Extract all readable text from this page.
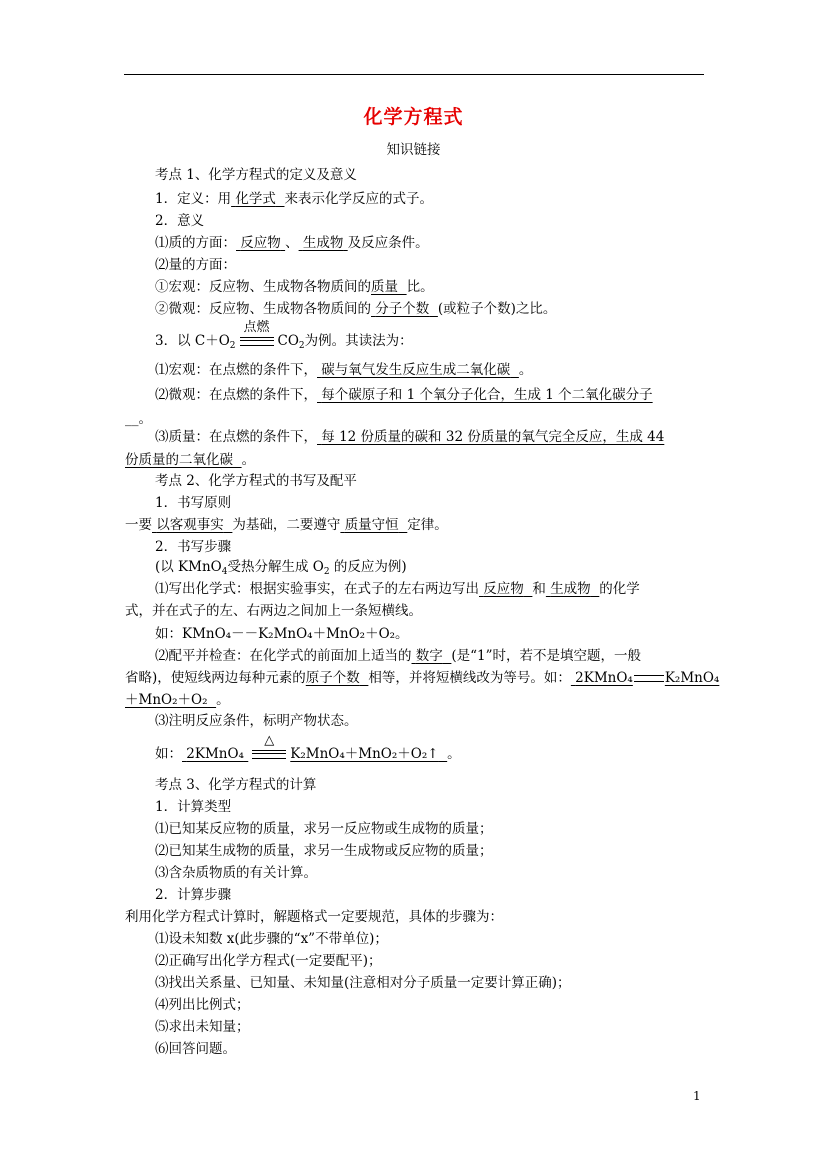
化学方程式
知识链接
考点 1、化学方程式的定义及意义
1．定义：用 化学式 来表示化学反应的式子。
2．意义
⑴质的方面： 反应物 、 生成物 及反应条件。
⑵量的方面：
①宏观：反应物、生成物各物质间的质量 比。
②微观：反应物、生成物各物质间的 分子个数 (或粒子个数)之比。
3．以 $C+O_2$
点燃
$CO_2$为例。其读法为：
⑴宏观：在点燃的条件下， 碳与氧气发生反应生成二氧化碳 。
⑵微观：在点燃的条件下， 每个碳原子和 1 个氧分子化合，生成 1 个二氧化碳分子
__。
⑶质量：在点燃的条件下， 每 12 份质量的碳和 32 份质量的氧气完全反应，生成 44
份质量的二氧化碳 。
考点 2、化学方程式的书写及配平
1．书写原则
一要 以客观事实 为基础，二要遵守 质量守恒 定律。
2．书写步骤
(以 KMnO$_4$受热分解生成 $O_2$ 的反应为例)
⑴写出化学式：根据实验事实，在式子的左右两边写出 反应物 和 生成物 的化学
式，并在式子的左、右两边之间加上一条短横线。
如：KMnO₄－－K₂MnO₄＋MnO₂＋O₂。
⑵配平并检查：在化学式的前面加上适当的 数字 (是“1”时，若不是填空题，一般
省略)，使短线两边每种元素的原子个数 相等，并将短横线改为等号。如： 2KMnO₄ K₂MnO₄
＋MnO₂＋O₂ 。
⑶注明反应条件，标明产物状态。
如： 2KMnO₄
△
K₂MnO₄＋MnO₂＋O₂↑ 。
考点 3、化学方程式的计算
1．计算类型
⑴已知某反应物的质量，求另一反应物或生成物的质量；
⑵已知某生成物的质量，求另一生成物或反应物的质量；
⑶含杂质物质的有关计算。
2．计算步骤
利用化学方程式计算时，解题格式一定要规范，具体的步骤为：
⑴设未知数 x(此步骤的“x”不带单位)；
⑵正确写出化学方程式(一定要配平)；
⑶找出关系量、已知量、未知量(注意相对分子质量一定要计算正确)；
⑷列出比例式；
⑸求出未知量；
⑹回答问题。
1
